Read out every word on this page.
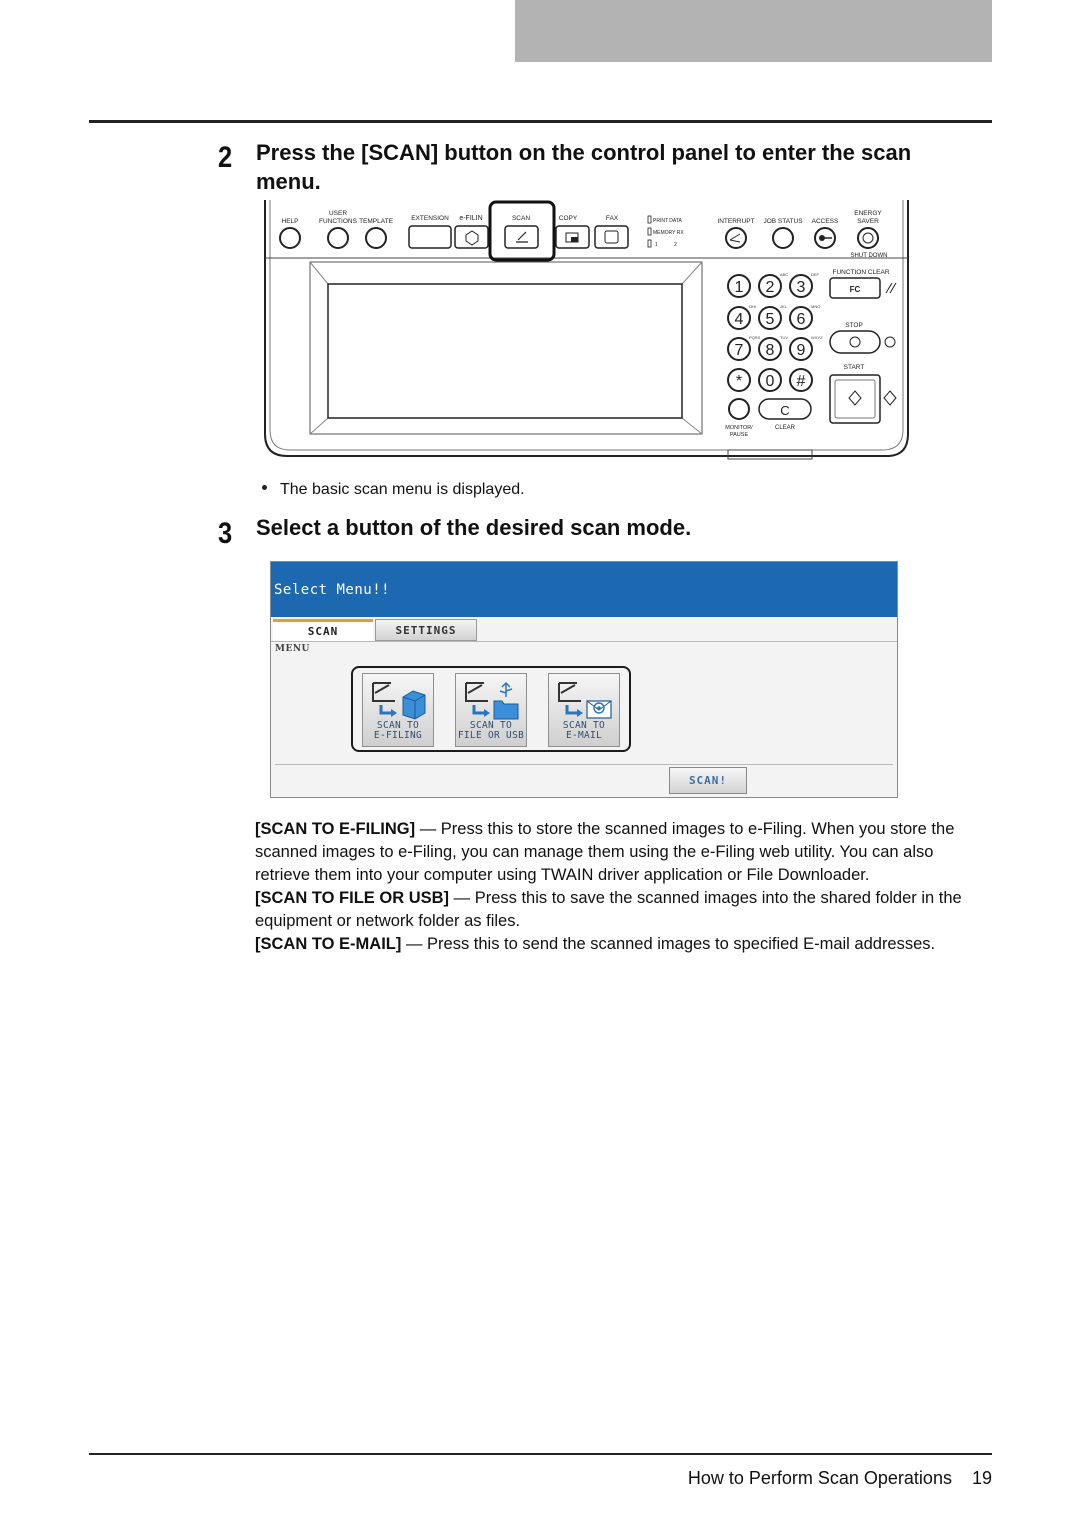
2 Press the [SCAN] button on the control panel to enter the scan
menu.
HELP
USER
FUNCTIONS TEMPLATE	EXTENSION e-FILIN	SCAN	COPY	FAX	PRINT DATA
MEMORY RX
1	2
INTERRUPT JOB STATUS ACCESS
ENERGY
SAVER
SHUT DOWN
1 2
ABC
3
DEF
4
GHI
5
JKL
6
MNO
7
PQRS
8
TUV
9
WXYZ
* 0 #
FUNCTION CLEAR
FC
STOP
START
C
MONITOR/
PAUSE
CLEAR
The basic scan menu is displayed.
3 Select a button of the desired scan mode.
Select Menu!!
SCAN	SETTINGS
MENU
SCAN TO
E-FILING
SCAN TO
FILE OR USB
SCAN TO
E-MAIL
SCAN!

[SCAN TO E-FILING] — Press this to store the scanned images to e-Filing. When you store the scanned images to e-Filing, you can manage them using the e-Filing web utility. You can also retrieve them into your computer using TWAIN driver application or File Downloader.

[SCAN TO FILE OR USB] — Press this to save the scanned images into the shared folder in the equipment or network folder as files.

[SCAN TO E-MAIL] — Press this to send the scanned images to specified E-mail addresses.

How to Perform Scan Operations 19
